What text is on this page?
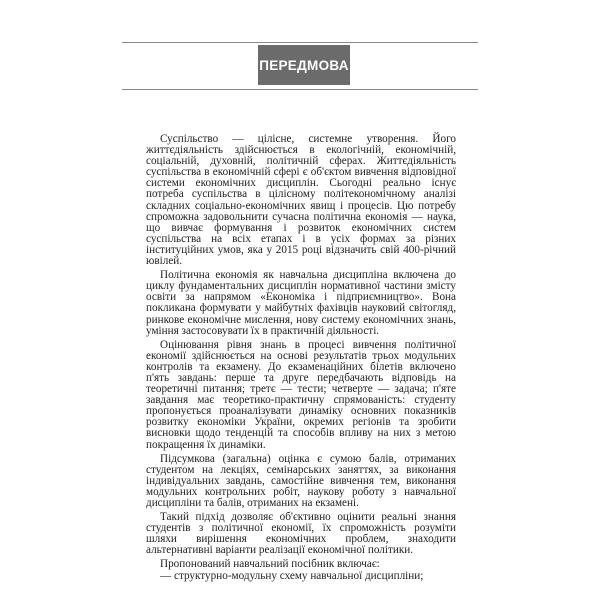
ПЕРЕДМОВА

Суспільство — цілісне, системне утворення. Його життєдіяльність здійснюється в екологічній, економічній, соціальній, духовній, політичній сферах. Життєдіяльність суспільства в економічній сфері є об'єктом вивчення відповідної системи економічних дисциплін. Сьогодні реально існує потреба суспільства в цілісному політекономічному аналізі складних соціально-економічних явищ і процесів. Цю потребу спроможна задовольнити сучасна політична економія — наука, що вивчає формування і розвиток економічних систем суспільства на всіх етапах і в усіх формах за різних інституційних умов, яка у 2015 році відзначить свій 400-річний ювілей.

Політична економія як навчальна дисципліна включена до циклу фундаментальних дисциплін нормативної частини змісту освіти за напрямом «Економіка і підприємництво». Вона покликана формувати у майбутніх фахівців науковий світогляд, ринкове економічне мислення, нову систему економічних знань, уміння застосовувати їх в практичній діяльності.

Оцінювання рівня знань в процесі вивчення політичної економії здійснюється на основі результатів трьох модульних контролів та екзамену. До екзаменаційних білетів включено п'ять завдань: перше та друге передбачають відповідь на теоретичні питання; третє — тести; четверте — задача; п'яте завдання має теоретико-практичну спрямованість: студенту пропонується проаналізувати динаміку основних показників розвитку економіки України, окремих регіонів та зробити висновки щодо тенденцій та способів впливу на них з метою покращення їх динаміки.

Підсумкова (загальна) оцінка є сумою балів, отриманих студентом на лекціях, семінарських заняттях, за виконання індивідуальних завдань, самостійне вивчення тем, виконання модульних контрольних робіт, наукову роботу з навчальної дисципліни та балів, отриманих на екзамені.

Такий підхід дозволяє об'єктивно оцінити реальні знання студентів з політичної економії, їх спроможність розуміти шляхи вирішення економічних проблем, знаходити альтернативні варіанти реалізації економічної політики.

Пропонований навчальний посібник включає:

— структурно-модульну схему навчальної дисципліни;
